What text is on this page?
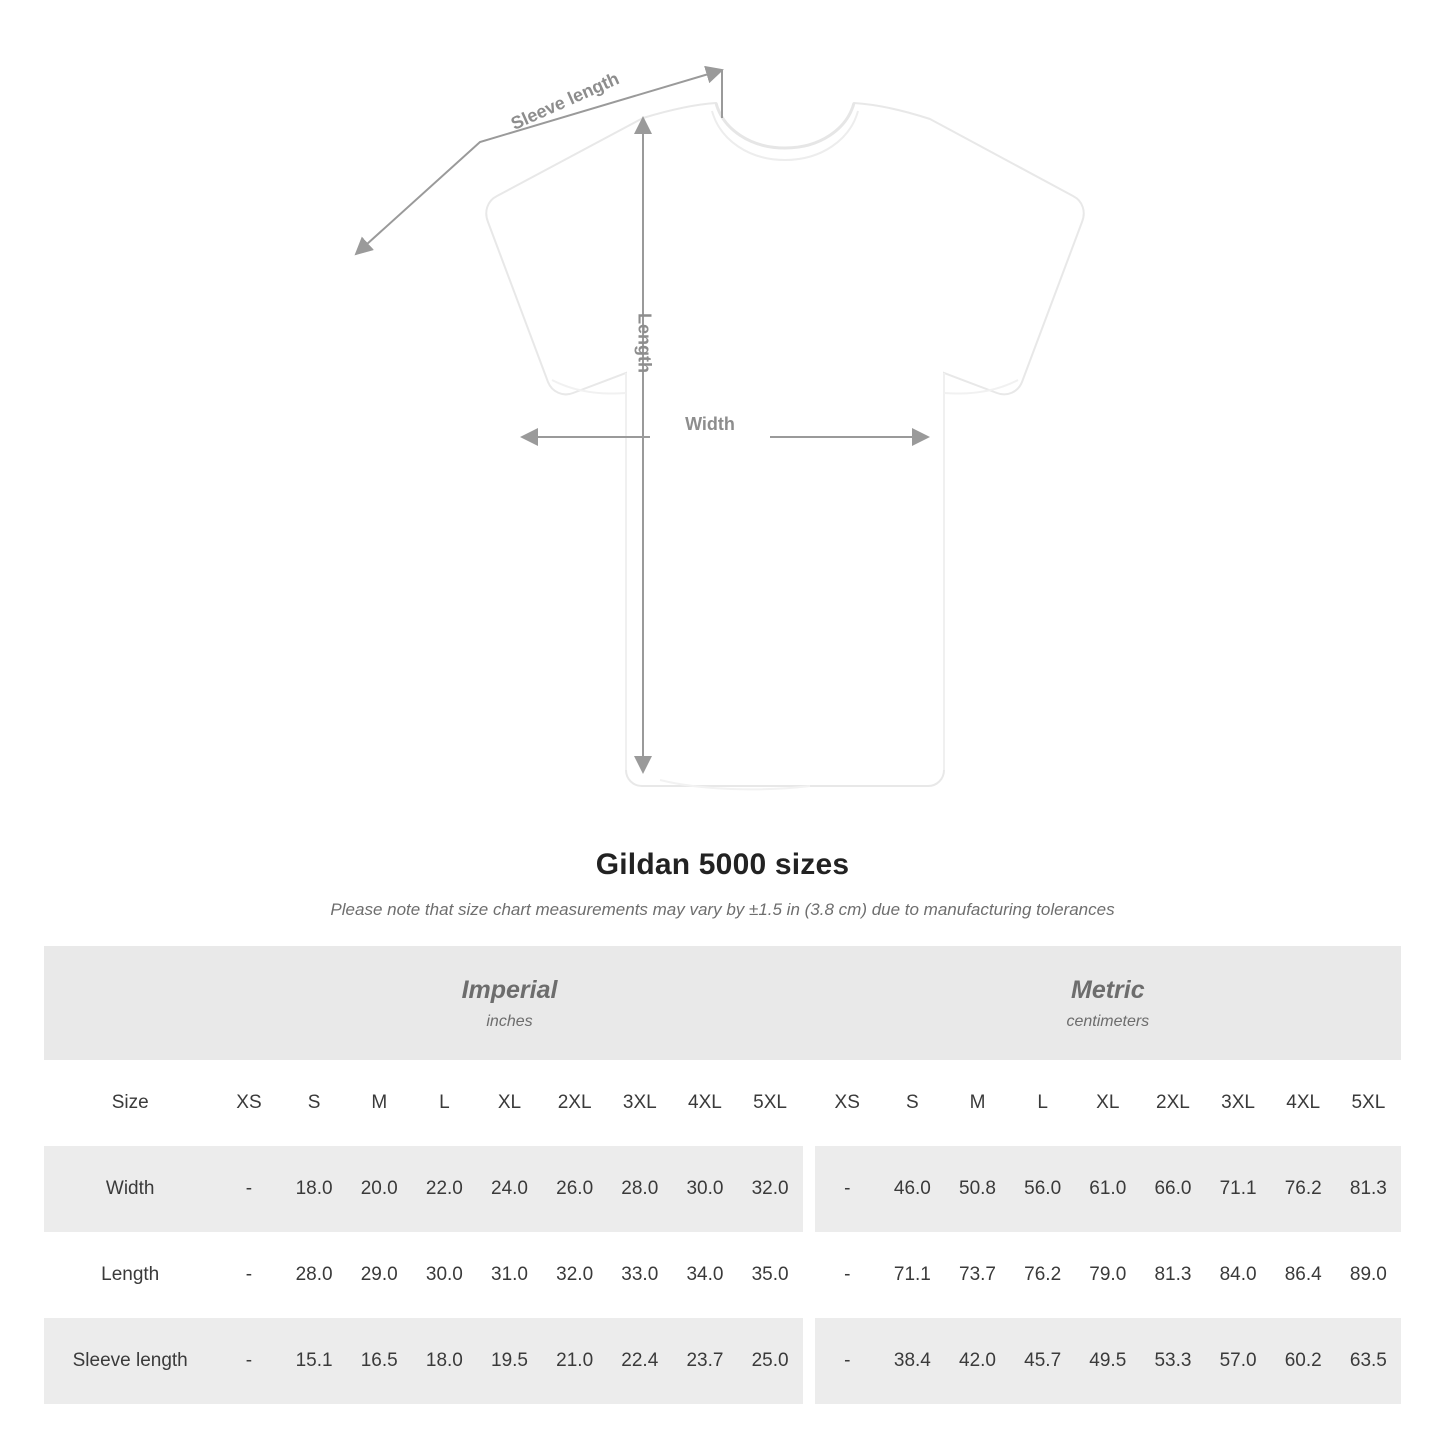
Sleeve length
Length
Width
Gildan 5000 sizes
Please note that size chart measurements may vary by ±1.5 in (3.8 cm) due to manufacturing tolerances

Imperial
inches

Metric
centimeters

Size	XS	S	M	L	XL	2XL	3XL	4XL	5XL		XS	S	M	L	XL	2XL	3XL	4XL	5XL
Width	-	18.0	20.0	22.0	24.0	26.0	28.0	30.0	32.0		-	46.0	50.8	56.0	61.0	66.0	71.1	76.2	81.3
Length	-	28.0	29.0	30.0	31.0	32.0	33.0	34.0	35.0		-	71.1	73.7	76.2	79.0	81.3	84.0	86.4	89.0
Sleeve length	-	15.1	16.5	18.0	19.5	21.0	22.4	23.7	25.0		-	38.4	42.0	45.7	49.5	53.3	57.0	60.2	63.5
